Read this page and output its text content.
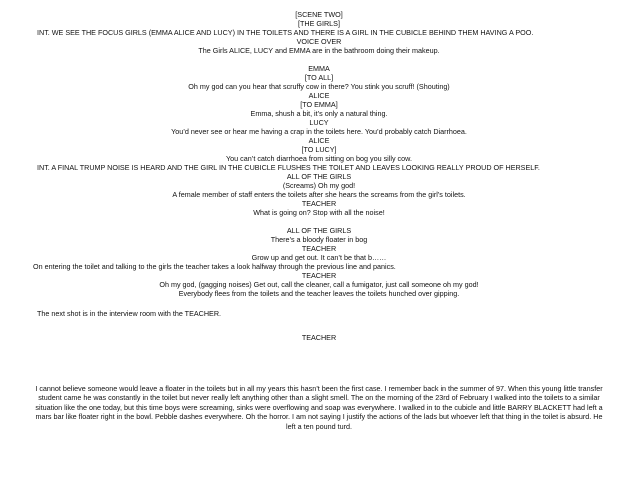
[SCENE TWO]
[THE GIRLS]
INT. WE SEE THE FOCUS GIRLS (EMMA ALICE AND LUCY) IN THE TOILETS AND THERE IS A GIRL IN THE CUBICLE BEHIND THEM HAVING A POO.
VOICE OVER
The Girls ALICE, LUCY and EMMA are in the bathroom doing their makeup.
EMMA
[TO ALL]
Oh my god can you hear that scruffy cow in there? You stink you scruff! (Shouting)
ALICE
[TO EMMA]
Emma, shush a bit, it’s only a natural thing.
LUCY
You’d never see or hear me having a crap in the toilets here. You’d probably catch Diarrhoea.
ALICE
[TO LUCY]
You can’t catch diarrhoea from sitting on bog you silly cow.
INT. A FINAL TRUMP NOISE IS HEARD AND THE GIRL IN THE CUBICLE FLUSHES THE TOILET AND LEAVES LOOKING REALLY PROUD OF HERSELF.
ALL OF THE GIRLS
(Screams) Oh my god!
A female member of staff enters the toilets after she hears the screams from the girl’s toilets.
TEACHER
What is going on? Stop with all the noise!
ALL OF THE GIRLS
There’s a bloody floater in bog
TEACHER
Grow up and get out. It can’t be that b……
On entering the toilet and talking to the girls the teacher takes a look halfway through the previous line and panics.
TEACHER
Oh my god, (gagging noises) Get out, call the cleaner, call a fumigator, just call someone oh my god!
Everybody flees from the toilets and the teacher leaves the toilets hunched over gipping.
The next shot is in the interview room with the TEACHER.
TEACHER
I cannot believe someone would leave a floater in the toilets but in all my years this hasn’t been the first case. I remember back in the summer of 97. When this young little transfer student came he was constantly in the toilet but never really left anything other than a slight smell. The on the morning of the 23rd of February I walked into the toilets to a similar situation like the one today, but this time boys were screaming, sinks were overflowing and soap was everywhere. I walked in to the cubicle and little BARRY BLACKETT had left a mars bar like floater right in the bowl. Pebble dashes everywhere. Oh the horror. I am not saying I justify the actions of the lads but whoever left that thing in the toilet is absurd. He left a ten pound turd.
